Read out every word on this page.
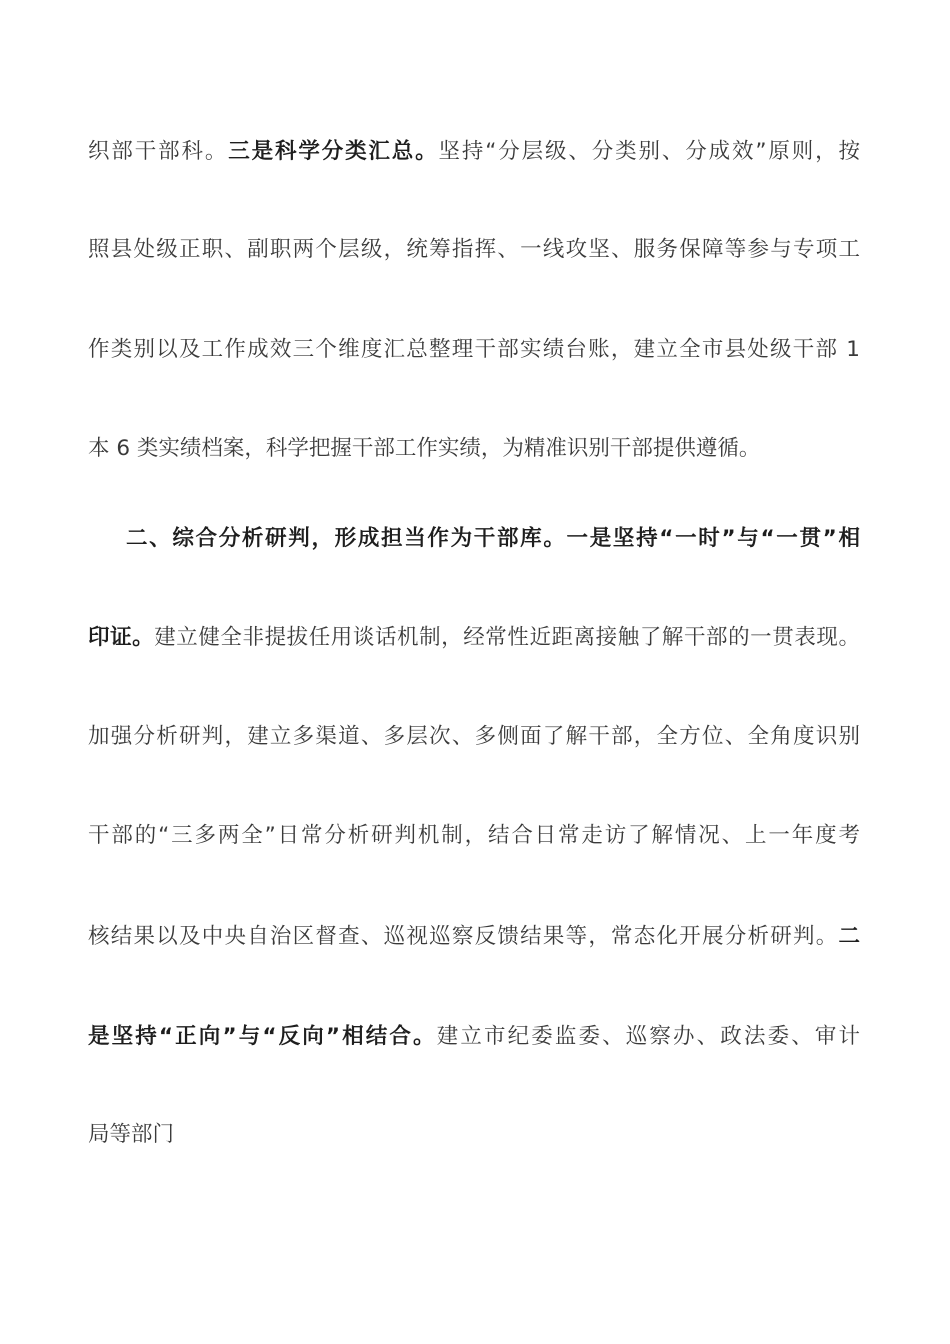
织部干部科。三是科学分类汇总。坚持“分层级、分类别、分成效”原则，按
照县处级正职、副职两个层级，统筹指挥、一线攻坚、服务保障等参与专项工
作类别以及工作成效三个维度汇总整理干部实绩台账，建立全市县处级干部 1
本 6 类实绩档案，科学把握干部工作实绩，为精准识别干部提供遵循。
二、综合分析研判，形成担当作为干部库。一是坚持“一时”与“一贯”相
印证。建立健全非提拔任用谈话机制，经常性近距离接触了解干部的一贯表现。
加强分析研判，建立多渠道、多层次、多侧面了解干部，全方位、全角度识别
干部的“三多两全”日常分析研判机制，结合日常走访了解情况、上一年度考
核结果以及中央自治区督查、巡视巡察反馈结果等，常态化开展分析研判。二
是坚持“正向”与“反向”相结合。建立市纪委监委、巡察办、政法委、审计
局等部门
